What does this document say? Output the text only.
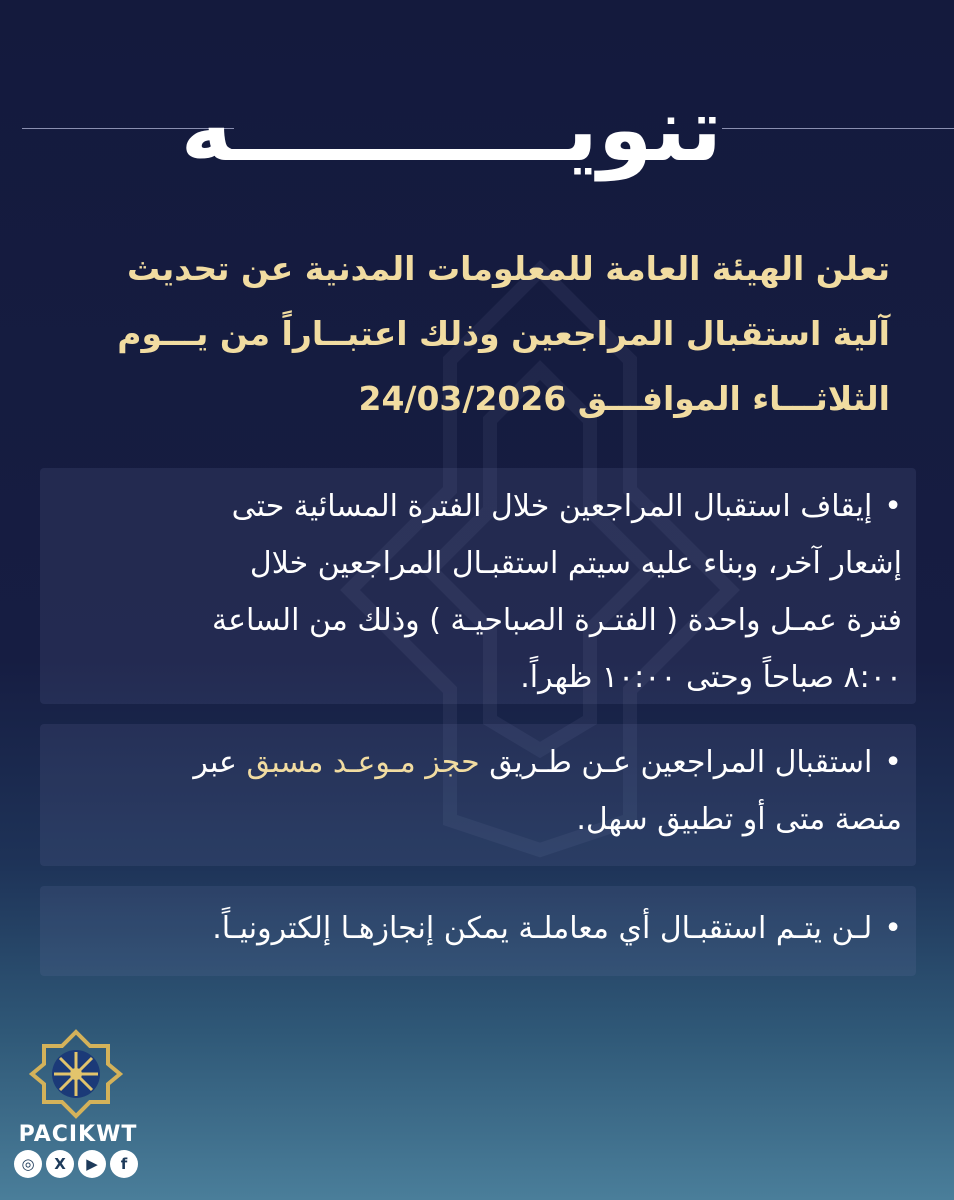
تنويـــــــــــه
تعلن الهيئة العامة للمعلومات المدنية عن تحديث
آلية استقبال المراجعين وذلك اعتبــاراً من يـــوم
الثلاثـــاء الموافـــق 24/03/2026
•إيقاف استقبال المراجعين خلال الفترة المسائية حتى
إشعار آخر، وبناء عليه سيتم استقبـال المراجعين خلال
فترة عمـل واحدة ( الفتـرة الصباحيـة ) وذلك من الساعة
٨:٠٠ صباحاً وحتى ١٠:٠٠ ظهراً.
•استقبال المراجعين عـن طـريق حجز مـوعـد مسبق عبر
منصة متى أو تطبيق سهل.
•لـن يتـم استقبـال أي معاملـة يمكن إنجازهـا إلكترونيـاً.
PACIKWT
◎	X	▶	f
